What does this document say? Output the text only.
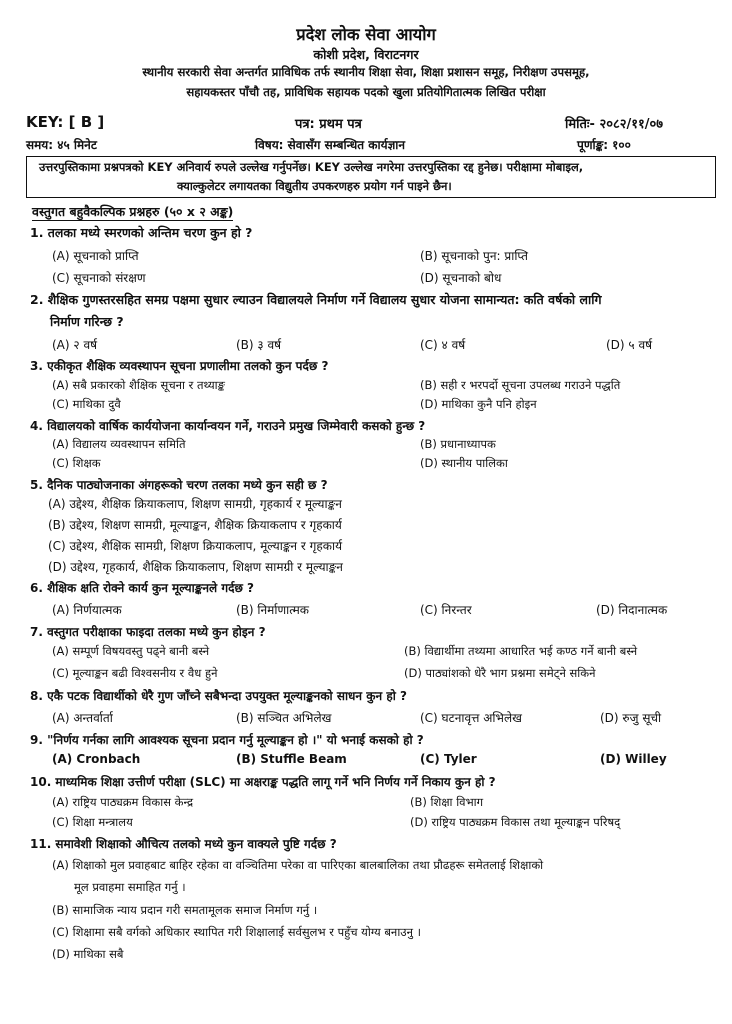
प्रदेश लोक सेवा आयोग
कोशी प्रदेश, विराटनगर
स्थानीय सरकारी सेवा अन्तर्गत प्राविधिक तर्फ स्थानीय शिक्षा सेवा, शिक्षा प्रशासन समूह, निरीक्षण उपसमूह,
सहायकस्तर पाँचौ तह, प्राविधिक सहायक पदको खुला प्रतियोगितात्मक लिखित परीक्षा
KEY: [ B ]	पत्र: प्रथम पत्र	मितिः- २०८२/११/०७
समय: ४५ मिनेट	विषय: सेवासँग सम्बन्धित कार्यज्ञान	पूर्णाङ्क: १००
उत्तरपुस्तिकामा प्रश्नपत्रको KEY अनिवार्य रुपले उल्लेख गर्नुपर्नेछ। KEY उल्लेख नगरेमा उत्तरपुस्तिका रद्द हुनेछ। परीक्षामा मोबाइल,
क्याल्कुलेटर लगायतका विद्युतीय उपकरणहरु प्रयोग गर्न पाइने छैन।
वस्तुगत बहुवैकल्पिक प्रश्नहरु (५० x २ अङ्क)
1. तलका मध्ये स्मरणको अन्तिम चरण कुन हो ?
(A) सूचनाको प्राप्ति	(B) सूचनाको पुन: प्राप्ति
(C) सूचनाको संरक्षण	(D) सूचनाको बोध
2. शैक्षिक गुणस्तरसहित समग्र पक्षमा सुधार ल्याउन विद्यालयले निर्माण गर्ने विद्यालय सुधार योजना सामान्यत: कति वर्षको लागि
निर्माण गरिन्छ ?
(A) २ वर्ष	(B) ३ वर्ष	(C) ४ वर्ष	(D) ५ वर्ष
3. एकीकृत शैक्षिक व्यवस्थापन सूचना प्रणालीमा तलको कुन पर्दछ ?
(A) सबै प्रकारको शैक्षिक सूचना र तथ्याङ्क	(B) सही र भरपर्दो सूचना उपलब्ध गराउने पद्धति
(C) माथिका दुवै	(D) माथिका कुनै पनि होइन
4. विद्यालयको वार्षिक कार्ययोजना कार्यान्वयन गर्ने, गराउने प्रमुख जिम्मेवारी कसको हुन्छ ?
(A) विद्यालय व्यवस्थापन समिति	(B) प्रधानाध्यापक
(C) शिक्षक	(D) स्थानीय पालिका
5. दैनिक पाठ्योजनाका अंगहरूको चरण तलका मध्ये कुन सही छ ?
(A) उद्देश्य, शैक्षिक क्रियाकलाप, शिक्षण सामग्री, गृहकार्य र मूल्याङ्कन
(B) उद्देश्य, शिक्षण सामग्री, मूल्याङ्कन, शैक्षिक क्रियाकलाप र गृहकार्य
(C) उद्देश्य, शैक्षिक सामग्री, शिक्षण क्रियाकलाप, मूल्याङ्कन र गृहकार्य
(D) उद्देश्य, गृहकार्य, शैक्षिक क्रियाकलाप, शिक्षण सामग्री र मूल्याङ्कन
6. शैक्षिक क्षति रोक्ने कार्य कुन मूल्याङ्कनले गर्दछ ?
(A) निर्णयात्मक	(B) निर्माणात्मक	(C) निरन्तर	(D) निदानात्मक
7. वस्तुगत परीक्षाका फाइदा तलका मध्ये कुन होइन ?
(A) सम्पूर्ण विषयवस्तु पढ्ने बानी बस्ने	(B) विद्यार्थीमा तथ्यमा आधारित भई कण्ठ गर्ने बानी बस्ने
(C) मूल्याङ्कन बढी विश्वसनीय र वैध हुने	(D) पाठ्यांशको धेरै भाग प्रश्नमा समेट्ने सकिने
8. एकै पटक विद्यार्थीको धेरै गुण जाँच्ने सबैभन्दा उपयुक्त मूल्याङ्कनको साधन कुन हो ?
(A) अन्तर्वार्ता	(B) सञ्चित अभिलेख	(C) घटनावृत्त अभिलेख	(D) रुजु सूची
9. "निर्णय गर्नका लागि आवश्यक सूचना प्रदान गर्नु मूल्याङ्कन हो ।" यो भनाई कसको हो ?
(A) Cronbach	(B) Stuffle Beam	(C) Tyler	(D) Willey
10. माध्यमिक शिक्षा उत्तीर्ण परीक्षा (SLC) मा अक्षराङ्क पद्धति लागू गर्ने भनि निर्णय गर्ने निकाय कुन हो ?
(A) राष्ट्रिय पाठ्यक्रम विकास केन्द्र	(B) शिक्षा विभाग
(C) शिक्षा मन्त्रालय	(D) राष्ट्रिय पाठ्यक्रम विकास तथा मूल्याङ्कन परिषद्
11. समावेशी शिक्षाको औचित्य तलको मध्ये कुन वाक्यले पुष्टि गर्दछ ?
(A) शिक्षाको मुल प्रवाहबाट बाहिर रहेका वा वञ्चितिमा परेका वा पारिएका बालबालिका तथा प्रौढहरू समेतलाई शिक्षाको
मूल प्रवाहमा समाहित गर्नु ।
(B) सामाजिक न्याय प्रदान गरी समतामूलक समाज निर्माण गर्नु ।
(C) शिक्षामा सबै वर्गको अधिकार स्थापित गरी शिक्षालाई सर्वसुलभ र पहुँच योग्य बनाउनु ।
(D) माथिका सबै
